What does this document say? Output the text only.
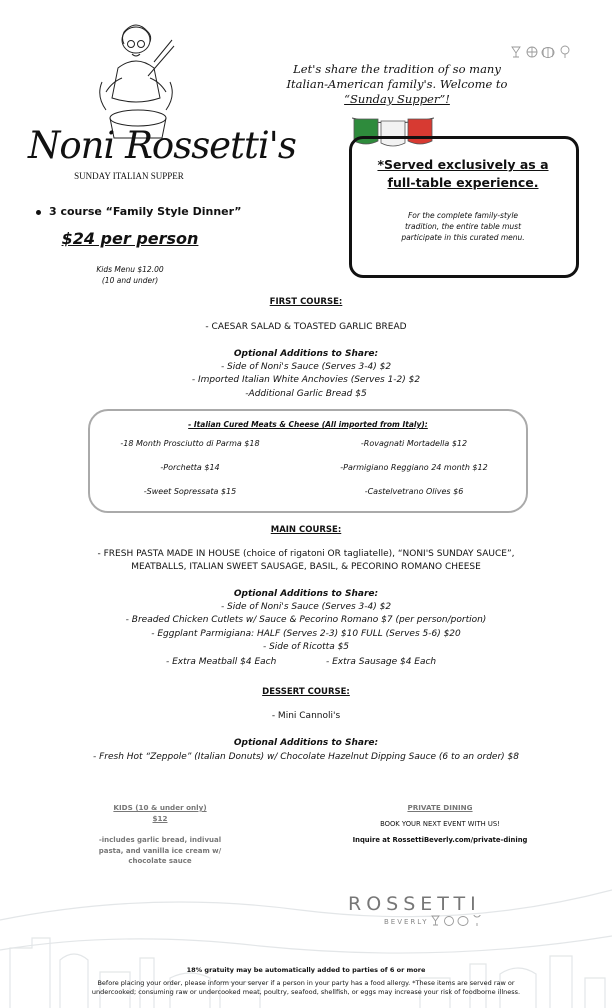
Noni Rossetti's
SUNDAY ITALIAN SUPPER
3 course “Family Style Dinner”
$24 per person
Kids Menu $12.00
(10 and under)
Let's share the tradition of so many
Italian-American family's. Welcome to
“Sunday Supper”!
*Served exclusively as a
full-table experience.
For the complete family-style tradition, the entire table must participate in this curated menu.
FIRST COURSE:
- CAESAR SALAD & TOASTED GARLIC BREAD
Optional Additions to Share:
- Side of Noni's Sauce (Serves 3-4) $2
- Imported Italian White Anchovies (Serves 1-2) $2
-Additional Garlic Bread $5
- Italian Cured Meats & Cheese (All imported from Italy):
-18 Month Prosciutto di Parma $18
-Porchetta $14
-Sweet Sopressata $15
-Rovagnati Mortadella $12
-Parmigiano Reggiano 24 month $12
-Castelvetrano Olives $6
MAIN COURSE:
- FRESH PASTA MADE IN HOUSE (choice of rigatoni OR tagliatelle), “NONI'S SUNDAY SAUCE”,
MEATBALLS, ITALIAN SWEET SAUSAGE, BASIL, & PECORINO ROMANO CHEESE
Optional Additions to Share:
- Side of Noni's Sauce (Serves 3-4) $2
- Breaded Chicken Cutlets w/ Sauce & Pecorino Romano $7 (per person/portion)
- Eggplant Parmigiana: HALF (Serves 2-3) $10 FULL (Serves 5-6) $20
- Side of Ricotta $5
- Extra Meatball $4 Each	- Extra Sausage $4 Each
DESSERT COURSE:
- Mini Cannoli's
Optional Additions to Share:
- Fresh Hot “Zeppole” (Italian Donuts) w/ Chocolate Hazelnut Dipping Sauce (6 to an order) $8
KIDS (10 & under only)
$12
-includes garlic bread, indivual pasta, and vanilla ice cream w/ chocolate sauce
PRIVATE DINING
BOOK YOUR NEXT EVENT WITH US!
Inquire at RossettiBeverly.com/private-dining
ROSSETTI
BEVERLY
18% gratuity may be automatically added to parties of 6 or more
Before placing your order, please inform your server if a person in your party has a food allergy. *These items are served raw or
undercooked; consuming raw or undercooked meat, poultry, seafood, shellfish, or eggs may increase your risk of foodborne illness.
